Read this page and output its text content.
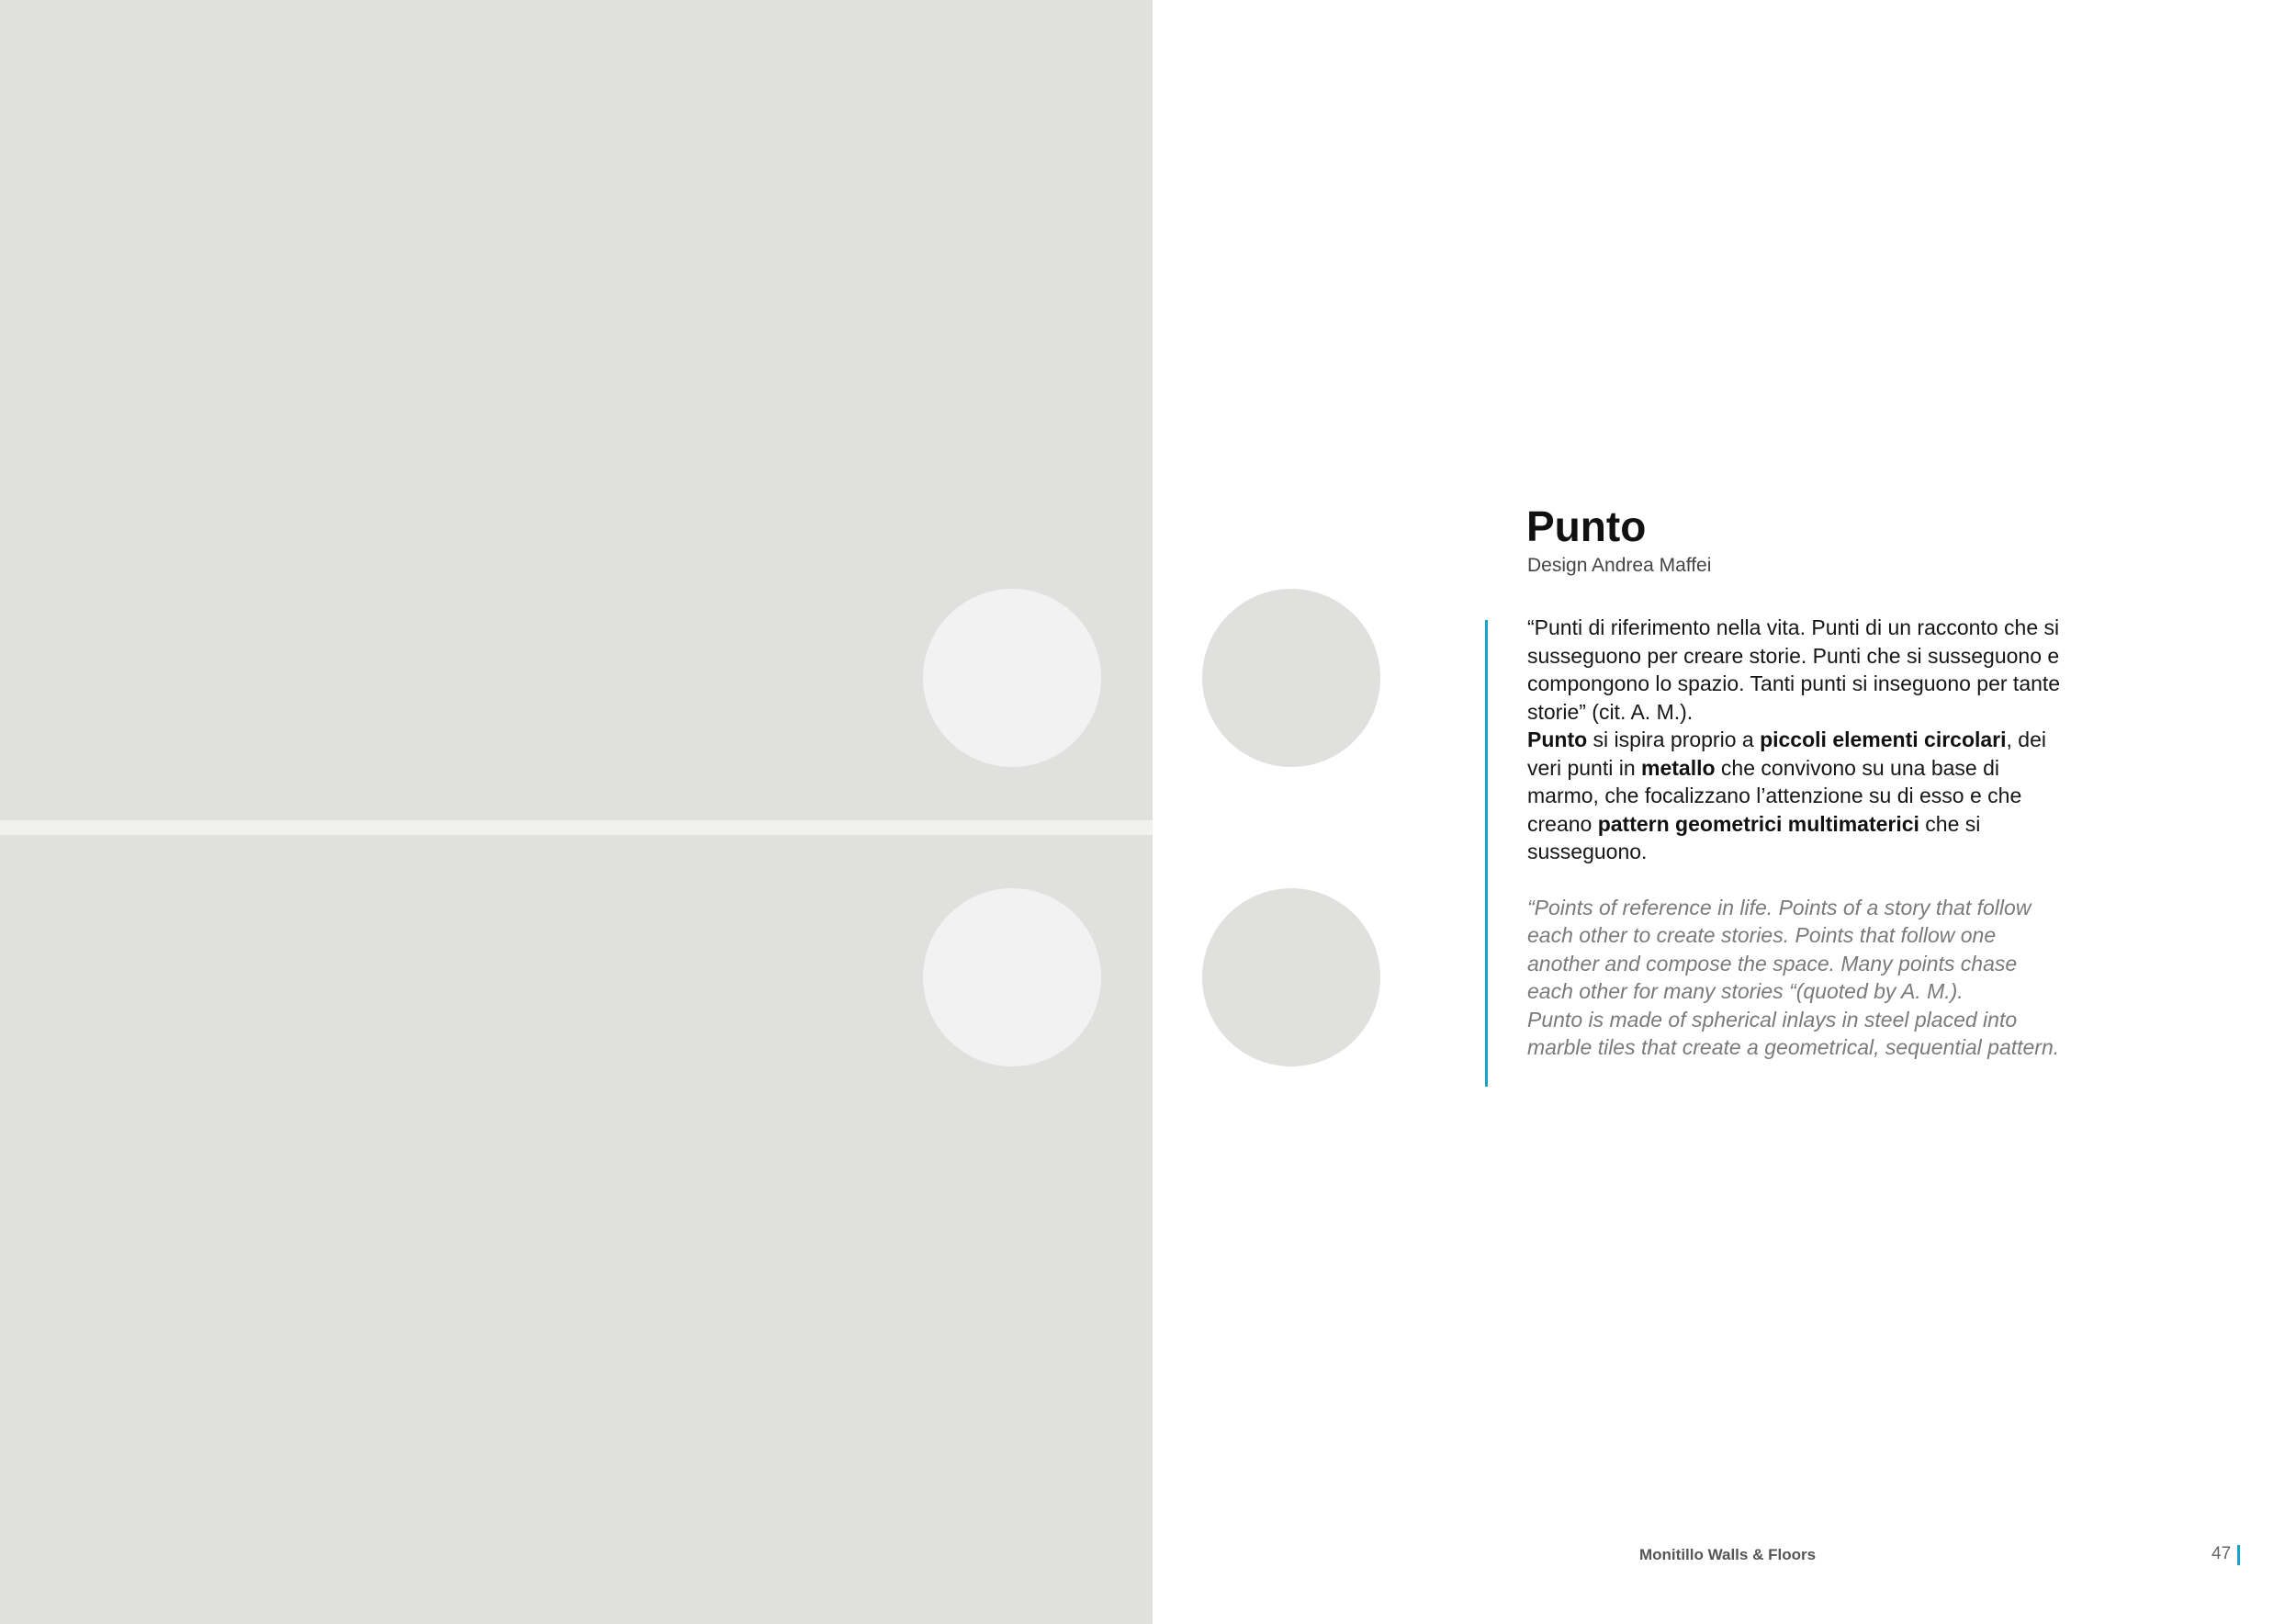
Punto
Design Andrea Maffei

“Punti di riferimento nella vita. Punti di un racconto che si susseguono per creare storie. Punti che si susseguono e compongono lo spazio. Tanti punti si inseguono per tante storie” (cit. A. M.).
Punto si ispira proprio a piccoli elementi circolari, dei veri punti in metallo che convivono su una base di marmo, che focalizzano l’attenzione su di esso e che creano pattern geometrici multimaterici che si susseguono.

“Points of reference in life. Points of a story that follow each other to create stories. Points that follow one another and compose the space. Many points chase each other for many stories “(quoted by A. M.).
Punto is made of spherical inlays in steel placed into marble tiles that create a geometrical, sequential pattern.

Monitillo Walls & Floors	47
